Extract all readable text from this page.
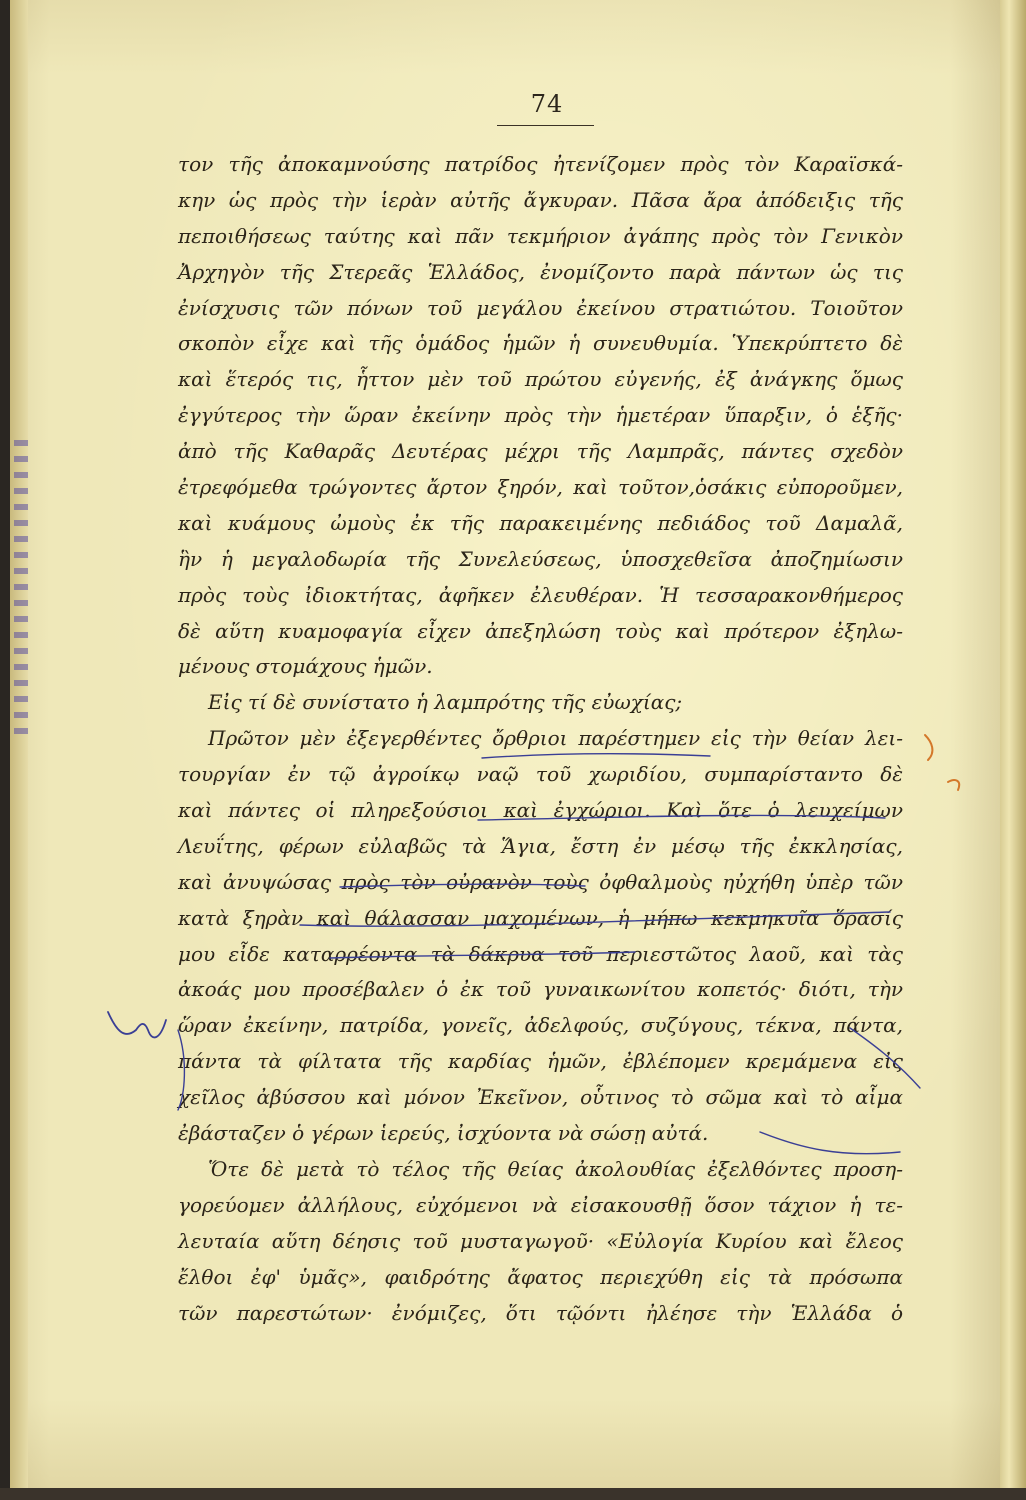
74
τον τῆς ἀποκαμνούσης πατρίδος ἠτενίζομεν πρὸς τὸν Καραϊσκά-
κην ὡς πρὸς τὴν ἱερὰν αὐτῆς ἄγκυραν. Πᾶσα ἄρα ἀπόδειξις τῆς
πεποιθήσεως ταύτης καὶ πᾶν τεκμήριον ἀγάπης πρὸς τὸν Γενικὸν
Ἀρχηγὸν τῆς Στερεᾶς Ἑλλάδος, ἐνομίζοντο παρὰ πάντων ὡς τις
ἐνίσχυσις τῶν πόνων τοῦ μεγάλου ἐκείνου στρατιώτου. Τοιοῦτον
σκοπὸν εἶχε καὶ τῆς ὁμάδος ἡμῶν ἡ συνευθυμία. Ὑπεκρύπτετο δὲ
καὶ ἕτερός τις, ἧττον μὲν τοῦ πρώτου εὐγενής, ἐξ ἀνάγκης ὅμως
ἐγγύτερος τὴν ὥραν ἐκείνην πρὸς τὴν ἡμετέραν ὕπαρξιν, ὁ ἑξῆς·
ἀπὸ τῆς Καθαρᾶς Δευτέρας μέχρι τῆς Λαμπρᾶς, πάντες σχεδὸν
ἐτρεφόμεθα τρώγοντες ἄρτον ξηρόν, καὶ τοῦτον,ὁσάκις εὐποροῦμεν,
καὶ κυάμους ὠμοὺς ἐκ τῆς παρακειμένης πεδιάδος τοῦ Δαμαλᾶ,
ἣν ἡ μεγαλοδωρία τῆς Συνελεύσεως, ὑποσχεθεῖσα ἀποζημίωσιν
πρὸς τοὺς ἰδιοκτήτας, ἀφῆκεν ἐλευθέραν. Ἡ τεσσαρακονθήμερος
δὲ αὕτη κυαμοφαγία εἶχεν ἀπεξηλώση τοὺς καὶ πρότερον ἐξηλω-
μένους στομάχους ἡμῶν.
Εἰς τί δὲ συνίστατο ἡ λαμπρότης τῆς εὐωχίας;
Πρῶτον μὲν ἐξεγερθέντες ὄρθριοι παρέστημεν εἰς τὴν θείαν λει-
τουργίαν ἐν τῷ ἀγροίκῳ ναῷ τοῦ χωριδίου, συμπαρίσταντο δὲ
καὶ πάντες οἱ πληρεξούσιοι καὶ ἐγχώριοι. Καὶ ὅτε ὁ λευχείμων
Λευΐτης, φέρων εὐλαβῶς τὰ Ἅγια, ἔστη ἐν μέσῳ τῆς ἐκκλησίας,
καὶ ἀνυψώσας πρὸς τὸν οὐρανὸν τοὺς ὀφθαλμοὺς ηὐχήθη ὑπὲρ τῶν
κατὰ ξηρὰν καὶ θάλασσαν μαχομένων, ἡ μήπω κεκμηκυῖα ὅρασίς
μου εἶδε καταρρέοντα τὰ δάκρυα τοῦ περιεστῶτος λαοῦ, καὶ τὰς
ἀκοάς μου προσέβαλεν ὁ ἐκ τοῦ γυναικωνίτου κοπετός· διότι, τὴν
ὥραν ἐκείνην, πατρίδα, γονεῖς, ἀδελφούς, συζύγους, τέκνα, πάντα,
πάντα τὰ φίλτατα τῆς καρδίας ἡμῶν, ἐβλέπομεν κρεμάμενα εἰς
χεῖλος ἀβύσσου καὶ μόνον Ἐκεῖνον, οὗτινος τὸ σῶμα καὶ τὸ αἷμα
ἐβάσταζεν ὁ γέρων ἱερεύς, ἰσχύοντα νὰ σώσῃ αὐτά.
Ὅτε δὲ μετὰ τὸ τέλος τῆς θείας ἀκολουθίας ἐξελθόντες προση-
γορεύομεν ἀλλήλους, εὐχόμενοι νὰ εἰσακουσθῇ ὅσον τάχιον ἡ τε-
λευταία αὕτη δέησις τοῦ μυσταγωγοῦ· «Εὐλογία Κυρίου καὶ ἔλεος
ἔλθοι ἐφ' ὑμᾶς», φαιδρότης ἄφατος περιεχύθη εἰς τὰ πρόσωπα
τῶν παρεστώτων· ἐνόμιζες, ὅτι τῷόντι ἠλέησε τὴν Ἑλλάδα ὁ
